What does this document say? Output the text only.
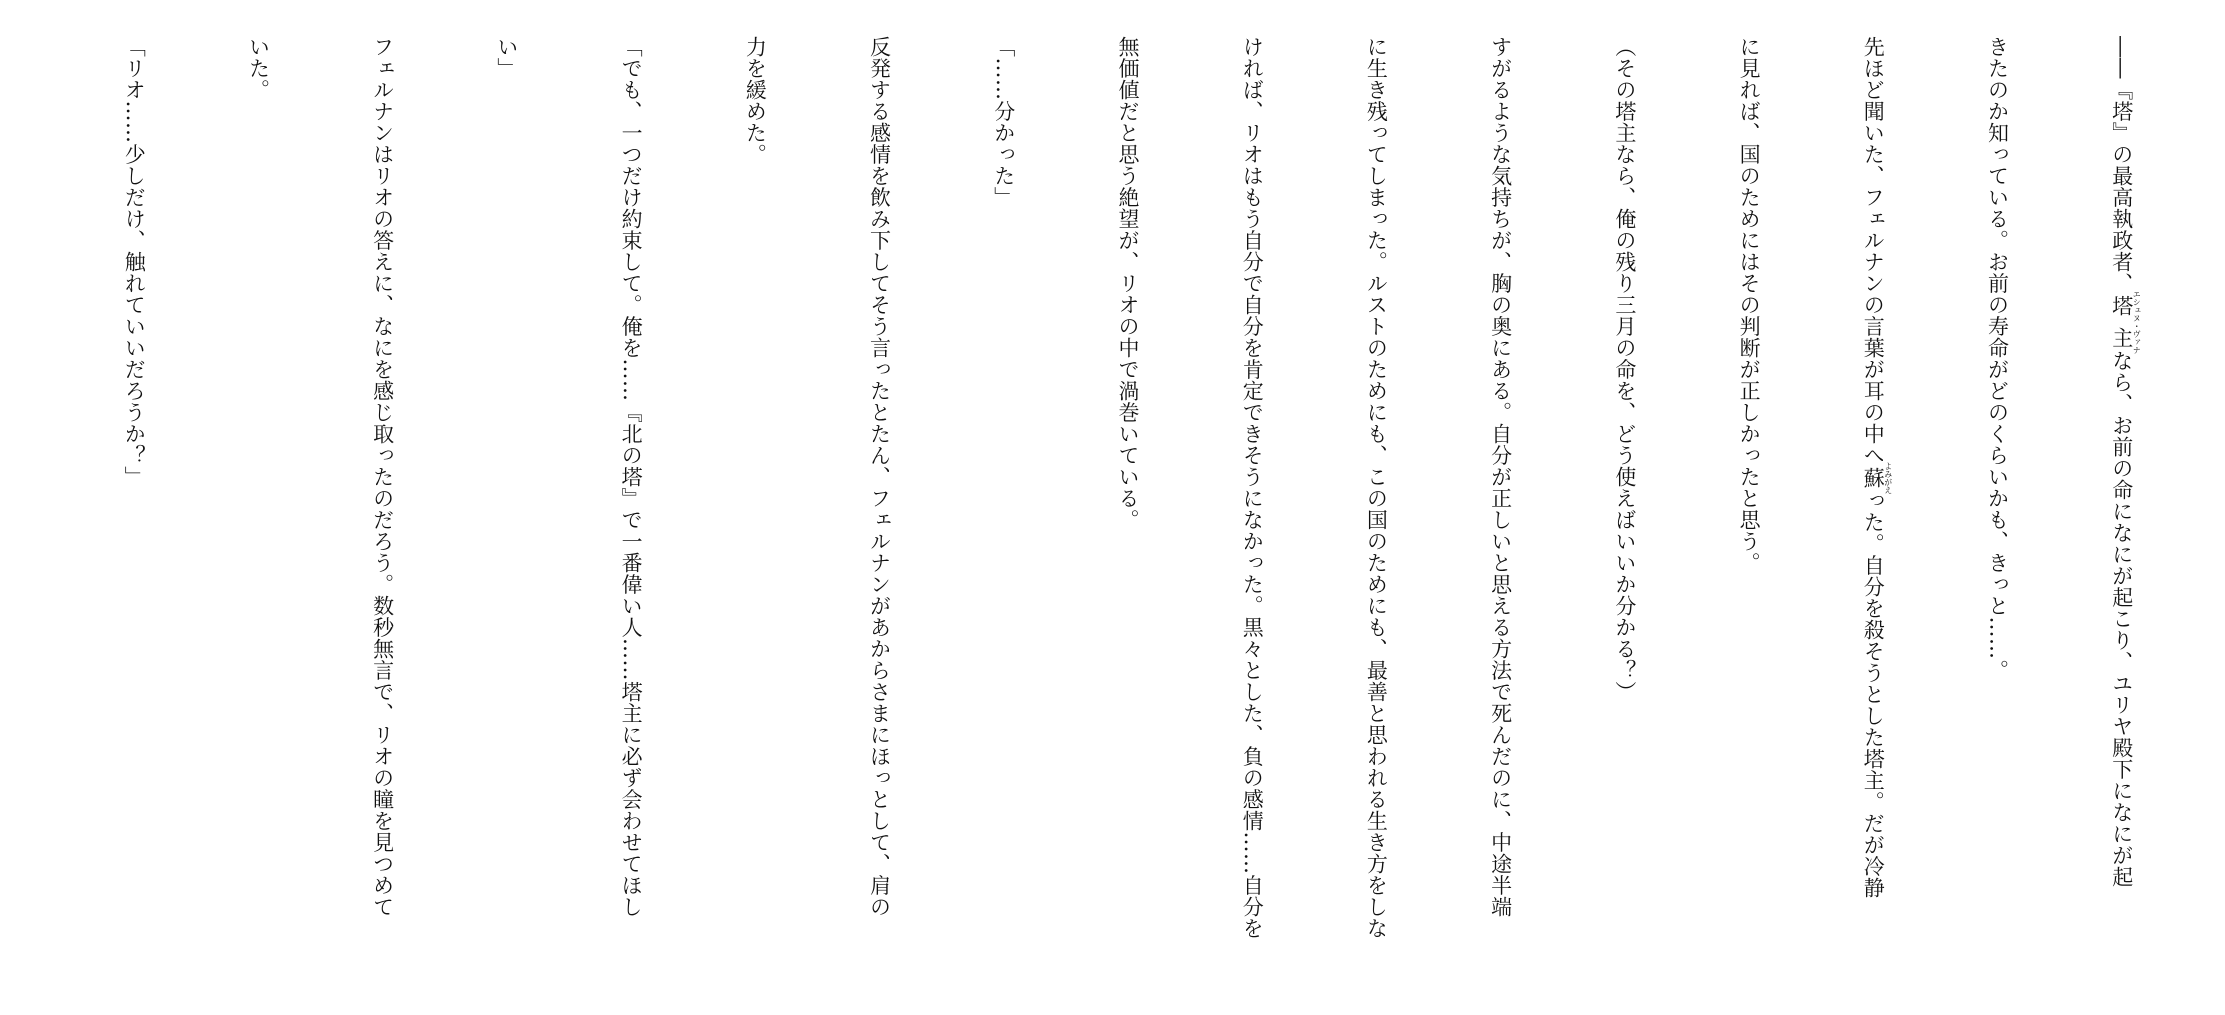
――『塔』の最高執政者、塔主エシュヌ・ヴァナなら、お前の命になにが起こり、ユリヤ殿下になにが起

きたのか知っている。お前の寿命がどのくらいかも、きっと……。

先ほど聞いた、フェルナンの言葉が耳の中へ蘇よみがえった。自分を殺そうとした塔主。だが冷静

に見れば、国のためにはその判断が正しかったと思う。

（その塔主なら、俺の残り三月の命を、どう使えばいいか分かる？）

すがるような気持ちが、胸の奥にある。自分が正しいと思える方法で死んだのに、中途半端

に生き残ってしまった。ルストのためにも、この国のためにも、最善と思われる生き方をしな

ければ、リオはもう自分で自分を肯定できそうになかった。黒々とした、負の感情……自分を

無価値だと思う絶望が、リオの中で渦巻いている。

「……分かった」

反発する感情を飲み下してそう言ったとたん、フェルナンがあからさまにほっとして、肩の

力を緩めた。

「でも、一つだけ約束して。俺を……『北の塔』で一番偉い人……塔主に必ず会わせてほし

い」

フェルナンはリオの答えに、なにを感じ取ったのだろう。数秒無言で、リオの瞳を見つめて

いた。

「リオ……少しだけ、触れていいだろうか？」
